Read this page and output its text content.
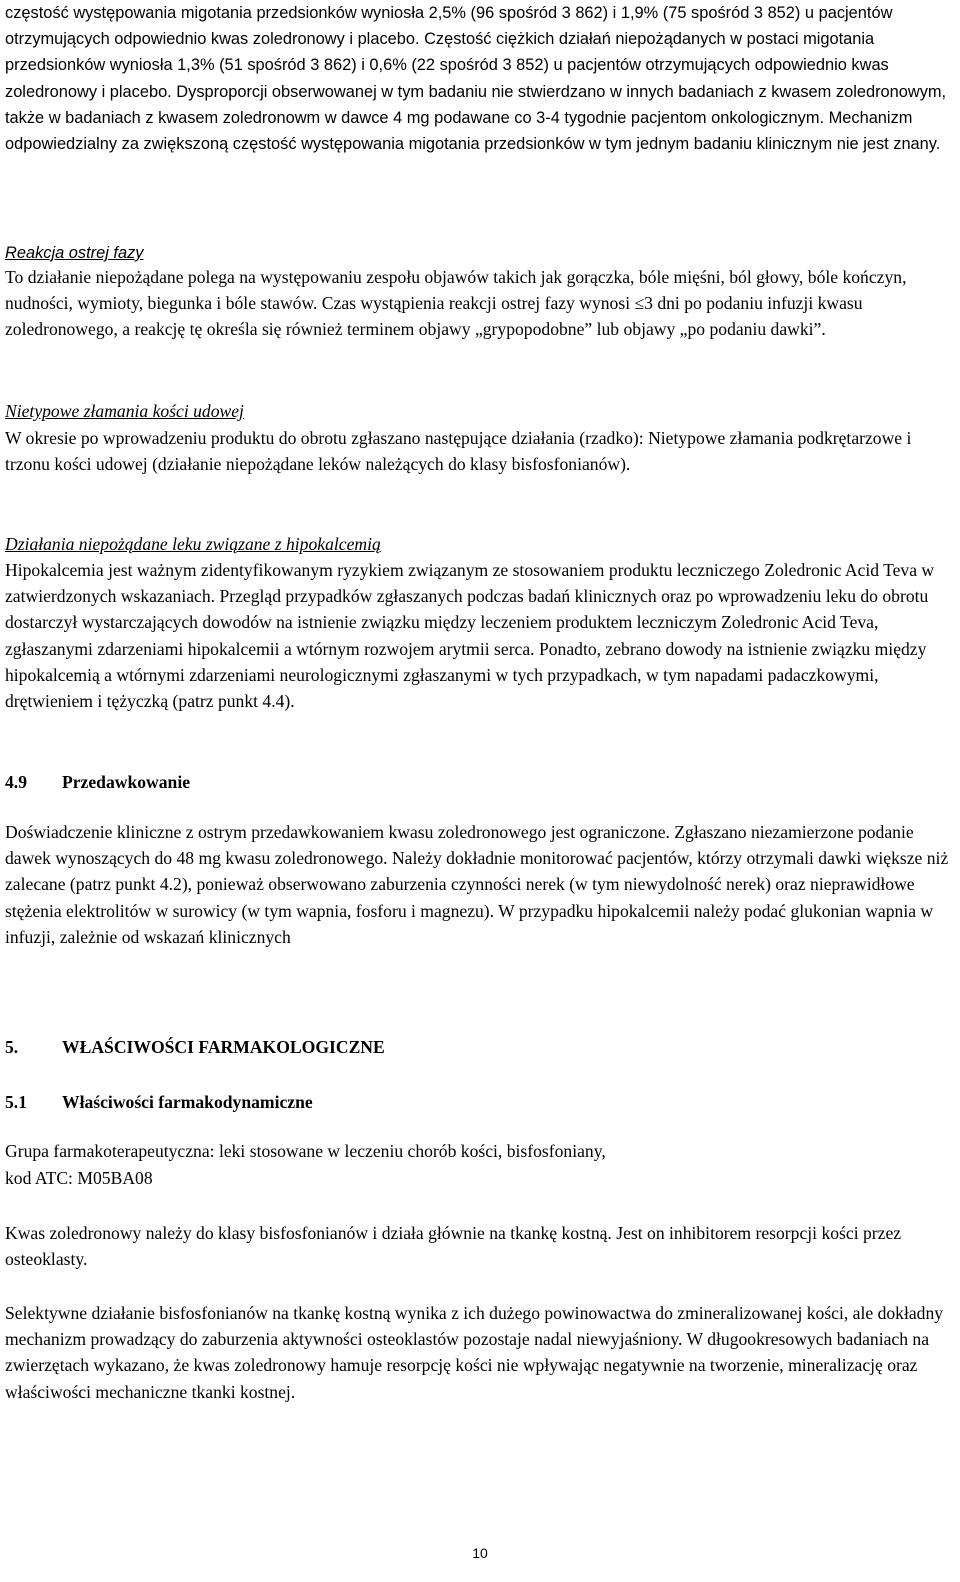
częstość występowania migotania przedsionków wyniosła 2,5% (96 spośród 3 862) i 1,9% (75 spośród 3 852) u pacjentów otrzymujących odpowiednio kwas zoledronowy i placebo. Częstość ciężkich działań niepożądanych w postaci migotania przedsionków wyniosła 1,3% (51 spośród 3 862) i 0,6% (22 spośród 3 852) u pacjentów otrzymujących odpowiednio kwas zoledronowy i placebo. Dysproporcji obserwowanej w tym badaniu nie stwierdzano w innych badaniach z kwasem zoledronowym, także w badaniach z kwasem zoledronowm w dawce 4 mg podawane co 3-4 tygodnie pacjentom onkologicznym. Mechanizm odpowiedzialny za zwiększoną częstość występowania migotania przedsionków w tym jednym badaniu klinicznym nie jest znany.

Reakcja ostrej fazy

To działanie niepożądane polega na występowaniu zespołu objawów takich jak gorączka, bóle mięśni, ból głowy, bóle kończyn, nudności, wymioty, biegunka i bóle stawów. Czas wystąpienia reakcji ostrej fazy wynosi ≤3 dni po podaniu infuzji kwasu zoledronowego, a reakcję tę określa się również terminem objawy „grypopodobne” lub objawy „po podaniu dawki”.

Nietypowe złamania kości udowej

W okresie po wprowadzeniu produktu do obrotu zgłaszano następujące działania (rzadko): Nietypowe złamania podkrętarzowe i trzonu kości udowej (działanie niepożądane leków należących do klasy bisfosfonianów).

Działania niepożądane leku związane z hipokalcemią

Hipokalcemia jest ważnym zidentyfikowanym ryzykiem związanym ze stosowaniem produktu leczniczego Zoledronic Acid Teva w zatwierdzonych wskazaniach. Przegląd przypadków zgłaszanych podczas badań klinicznych oraz po wprowadzeniu leku do obrotu dostarczył wystarczających dowodów na istnienie związku między leczeniem produktem leczniczym Zoledronic Acid Teva, zgłaszanymi zdarzeniami hipokalcemii a wtórnym rozwojem arytmii serca. Ponadto, zebrano dowody na istnienie związku między hipokalcemią a wtórnymi zdarzeniami neurologicznymi zgłaszanymi w tych przypadkach, w tym napadami padaczkowymi, drętwieniem i tężyczką (patrz punkt 4.4).

4.9 Przedawkowanie

Doświadczenie kliniczne z ostrym przedawkowaniem kwasu zoledronowego jest ograniczone. Zgłaszano niezamierzone podanie dawek wynoszących do 48 mg kwasu zoledronowego. Należy dokładnie monitorować pacjentów, którzy otrzymali dawki większe niż zalecane (patrz punkt 4.2), ponieważ obserwowano zaburzenia czynności nerek (w tym niewydolność nerek) oraz nieprawidłowe stężenia elektrolitów w surowicy (w tym wapnia, fosforu i magnezu). W przypadku hipokalcemii należy podać glukonian wapnia w infuzji, zależnie od wskazań klinicznych

5. WŁAŚCIWOŚCI FARMAKOLOGICZNE

5.1 Właściwości farmakodynamiczne

Grupa farmakoterapeutyczna: leki stosowane w leczeniu chorób kości, bisfosfoniany,

kod ATC: M05BA08

Kwas zoledronowy należy do klasy bisfosfonianów i działa głównie na tkankę kostną. Jest on inhibitorem resorpcji kości przez osteoklasty.

Selektywne działanie bisfosfonianów na tkankę kostną wynika z ich dużego powinowactwa do zmineralizowanej kości, ale dokładny mechanizm prowadzący do zaburzenia aktywności osteoklastów pozostaje nadal niewyjaśniony. W długookresowych badaniach na zwierzętach wykazano, że kwas zoledronowy hamuje resorpcję kości nie wpływając negatywnie na tworzenie, mineralizację oraz właściwości mechaniczne tkanki kostnej.

10
